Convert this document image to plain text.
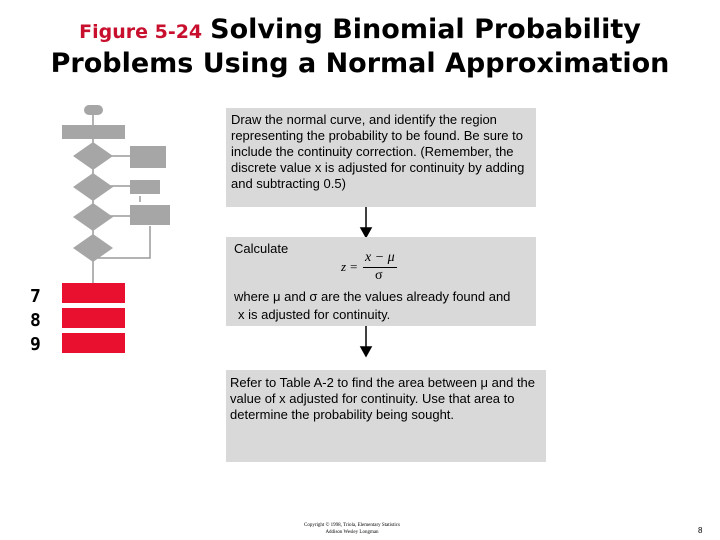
Figure 5-24 Solving Binomial Probability
Problems Using a Normal Approximation
7
8
9
Draw the normal curve, and identify the region representing the probability to be found. Be sure to include the continuity correction. (Remember, the discrete value x is adjusted for continuity by adding and subtracting 0.5)
Calculate
z =
x − μ
σ
where μ and σ are the values already found and
x is adjusted for continuity.
Refer to Table A-2 to find the area between μ and the value of x adjusted for continuity. Use that area to determine the probability being sought.
Copyright © 1998, Triola, Elementary Statistics
Addison Wesley Longman	8
